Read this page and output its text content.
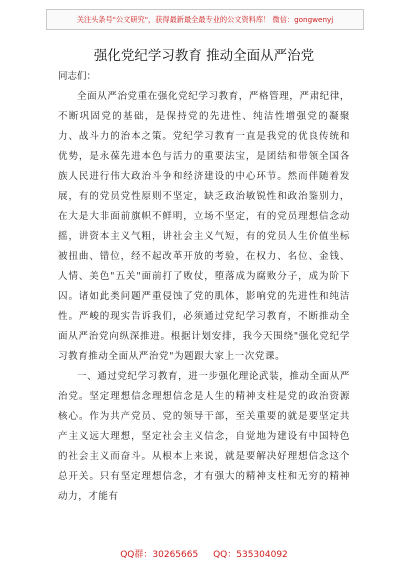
关注头条号"公文研究"，获得最新最全最专业的公文资料库！ 微信：gongwenyj
强化党纪学习教育 推动全面从严治党
同志们：

全面从严治党重在强化党纪学习教育，严格管理，严肃纪律，不断巩固党的基础，是保持党的先进性、纯洁性增强党的凝聚力、战斗力的治本之策。党纪学习教育一直是我党的优良传统和优势，是永葆先进本色与活力的重要法宝，是团结和带领全国各族人民进行伟大政治斗争和经济建设的中心环节。然而伴随着发展，有的党员党性原则不坚定，缺乏政治敏锐性和政治鉴别力，在大是大非面前旗帜不鲜明，立场不坚定，有的党员理想信念动摇，讲资本主义气粗，讲社会主义气短，有的党员人生价值坐标被扭曲、错位，经不起改革开放的考验，在权力、名位、金钱、人情、美色"五关"面前打了败仗，堕落成为腐败分子，成为阶下囚。诸如此类问题严重侵蚀了党的肌体，影响党的先进性和纯洁性。严峻的现实告诉我们，必须通过党纪学习教育，不断推动全面从严治党向纵深推进。根据计划安排，我今天围绕"强化党纪学习教育推动全面从严治党"为题跟大家上一次党课。

一、通过党纪学习教育，进一步强化理论武装，推动全面从严治党。坚定理想信念理想信念是人生的精神支柱是党的政治资源核心。作为共产党员、党的领导干部，至关重要的就是要坚定共产主义远大理想，坚定社会主义信念，自觉地为建设有中国特色的社会主义而奋斗。从根本上来说，就是要解决好理想信念这个总开关。只有坚定理想信念，才有强大的精神支柱和无穷的精神动力，才能有

QQ群：30265665 QQ：535304092
